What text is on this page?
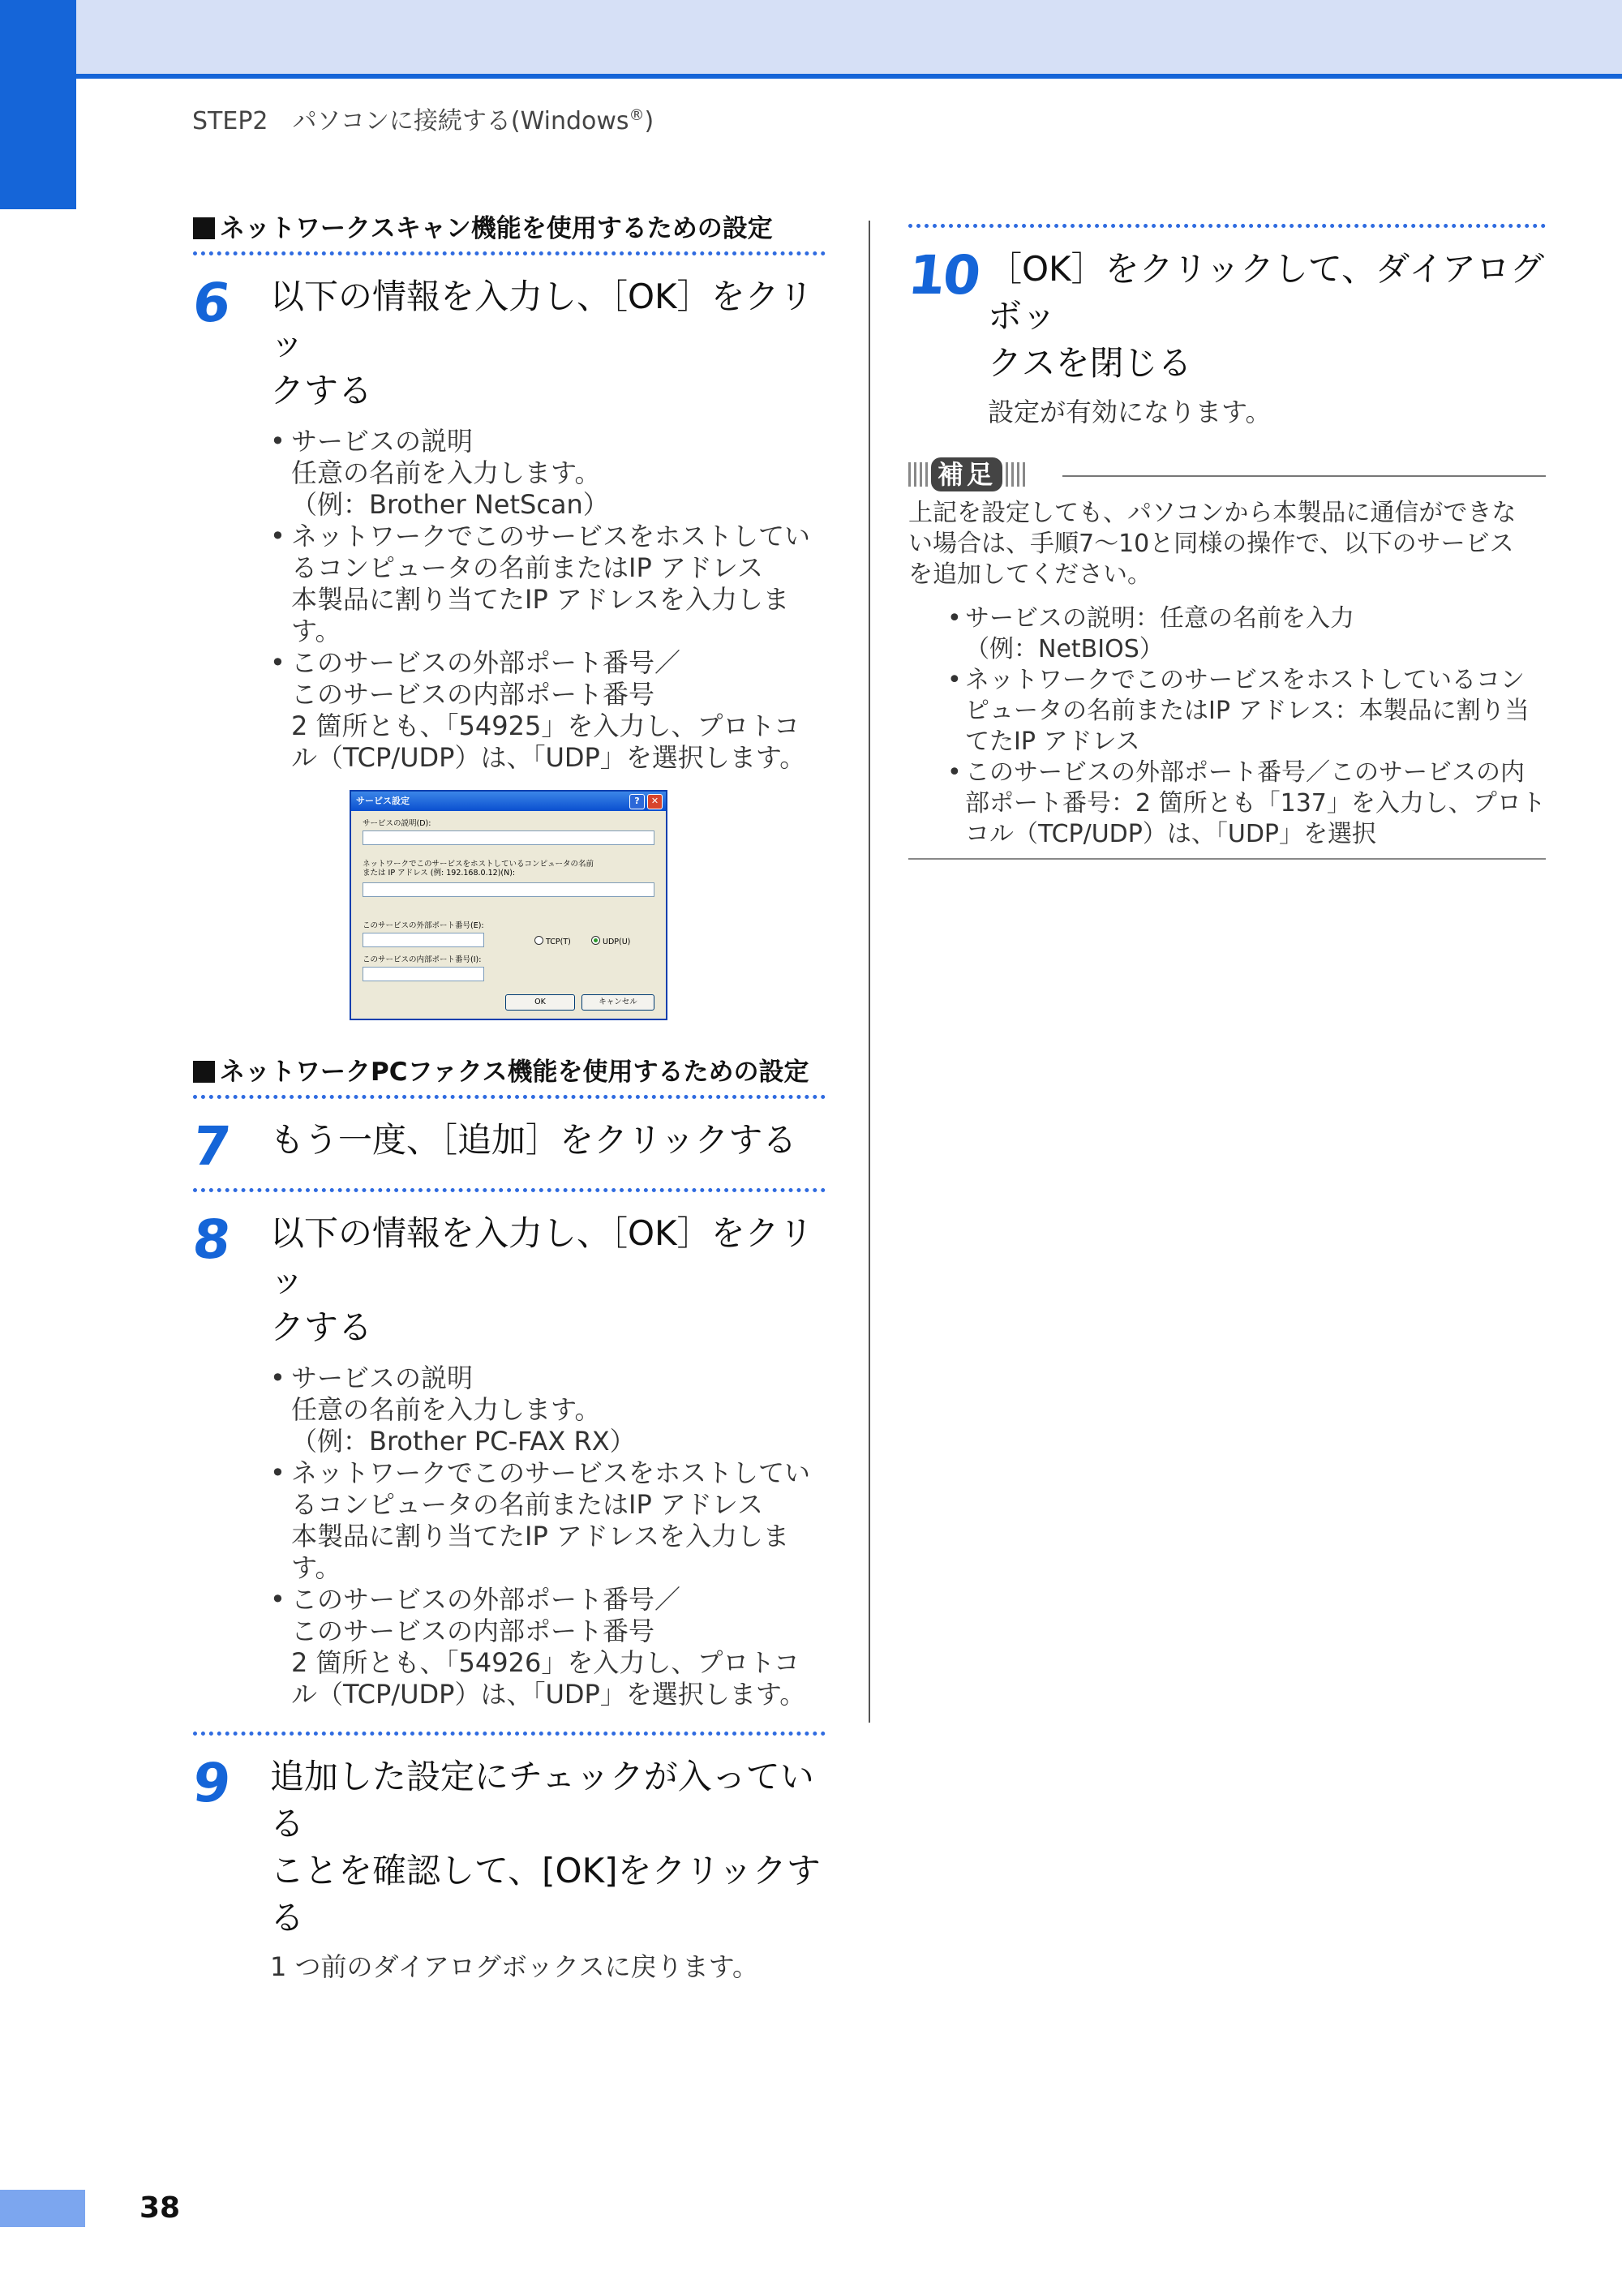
STEP2　パソコンに接続する(Windows®)
ネットワークスキャン機能を使用するための設定
6 以下の情報を入力し、［OK］をクリッ
クする
• サービスの説明
任意の名前を入力します。
（例：Brother NetScan）
• ネットワークでこのサービスをホストしてい
るコンピュータの名前またはIP アドレス
本製品に割り当てたIP アドレスを入力します。
• このサービスの外部ポート番号／
このサービスの内部ポート番号
2 箇所とも、「54925」を入力し、プロトコ
ル（TCP/UDP）は、「UDP」を選択します。
サービス設定	?	✕
サービスの説明(D):
ネットワークでこのサービスをホストしているコンピュータの名前
または IP アドレス (例: 192.168.0.12)(N):
このサービスの外部ポート番号(E):
TCP(T)	UDP(U)
このサービスの内部ポート番号(I):
OK	キャンセル
ネットワークPCファクス機能を使用するための設定
7 もう一度、［追加］をクリックする
8 以下の情報を入力し、［OK］をクリッ
クする
• サービスの説明
任意の名前を入力します。
（例：Brother PC-FAX RX）
• ネットワークでこのサービスをホストしてい
るコンピュータの名前またはIP アドレス
本製品に割り当てたIP アドレスを入力します。
• このサービスの外部ポート番号／
このサービスの内部ポート番号
2 箇所とも、「54926」を入力し、プロトコ
ル（TCP/UDP）は、「UDP」を選択します。
9 追加した設定にチェックが入っている
ことを確認して、[OK]をクリックする
1 つ前のダイアログボックスに戻ります。
10 ［OK］をクリックして、ダイアログボッ
クスを閉じる
設定が有効になります。
補足
上記を設定しても、パソコンから本製品に通信ができな
い場合は、手順7〜10と同様の操作で、以下のサービス
を追加してください。
• サービスの説明：任意の名前を入力
（例：NetBIOS）
• ネットワークでこのサービスをホストしているコン
ピュータの名前またはIP アドレス：本製品に割り当
てたIP アドレス
• このサービスの外部ポート番号／このサービスの内
部ポート番号：2 箇所とも「137」を入力し、プロト
コル（TCP/UDP）は、「UDP」を選択
38
